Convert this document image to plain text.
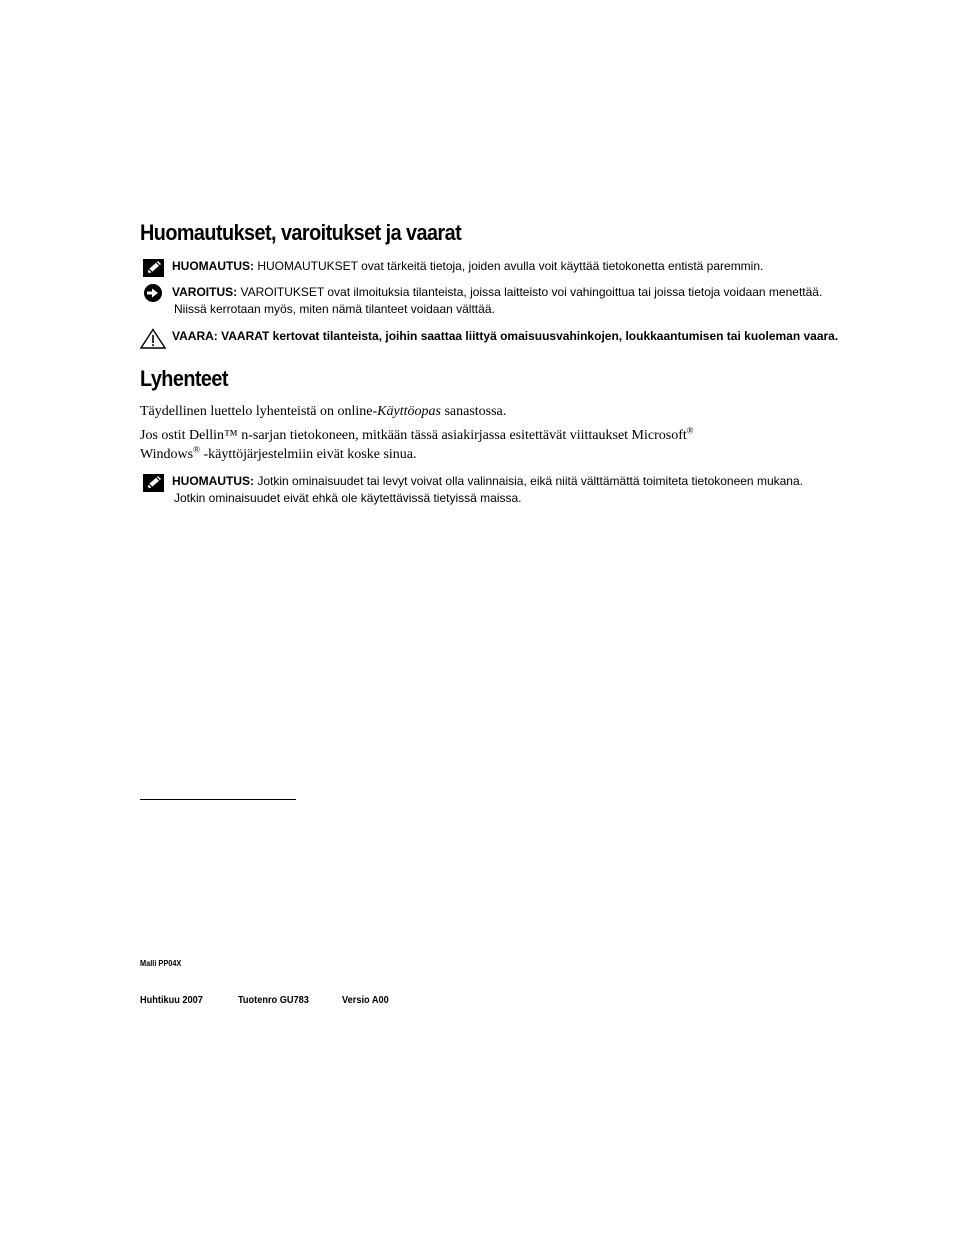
Huomautukset, varoitukset ja vaarat
HUOMAUTUS: HUOMAUTUKSET ovat tärkeitä tietoja, joiden avulla voit käyttää tietokonetta entistä paremmin.
VAROITUS: VAROITUKSET ovat ilmoituksia tilanteista, joissa laitteisto voi vahingoittua tai joissa tietoja voidaan menettää.
Niissä kerrotaan myös, miten nämä tilanteet voidaan välttää.
VAARA: VAARAT kertovat tilanteista, joihin saattaa liittyä omaisuusvahinkojen, loukkaantumisen tai kuoleman vaara.
Lyhenteet
Täydellinen luettelo lyhenteistä on online-Käyttöopas sanastossa.
Jos ostit Dellin™ n-sarjan tietokoneen, mitkään tässä asiakirjassa esitettävät viittaukset Microsoft®
Windows® -käyttöjärjestelmiin eivät koske sinua.
HUOMAUTUS: Jotkin ominaisuudet tai levyt voivat olla valinnaisia, eikä niitä välttämättä toimiteta tietokoneen mukana.
Jotkin ominaisuudet eivät ehkä ole käytettävissä tietyissä maissa.
Malli PP04X
Huhtikuu 2007	Tuotenro GU783	Versio A00
